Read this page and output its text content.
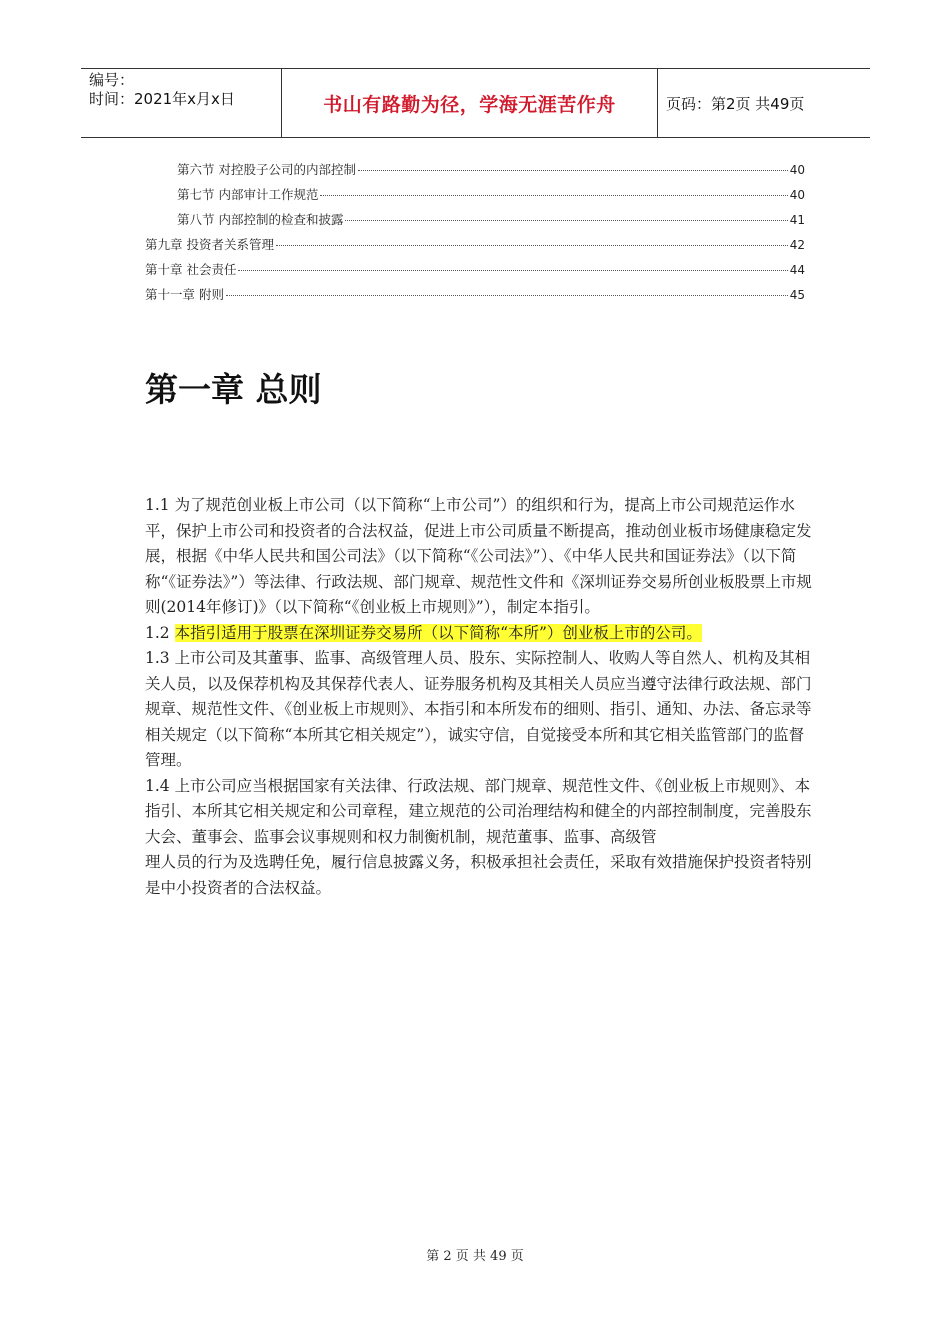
编号：
时间：2021年x月x日	书山有路勤为径，学海无涯苦作舟	页码：第2页 共49页
第六节 对控股子公司的内部控制	40
第七节 内部审计工作规范	40
第八节 内部控制的检查和披露	41
第九章 投资者关系管理	42
第十章 社会责任	44
第十一章 附则	45
第一章 总则

1.1 为了规范创业板上市公司（以下简称“上市公司”）的组织和行为，提高上市公司规范运作水平，保护上市公司和投资者的合法权益，促进上市公司质量不断提高，推动创业板市场健康稳定发展，根据《中华人民共和国公司法》（以下简称“《公司法》”）、《中华人民共和国证券法》（以下简称“《证券法》”）等法律、行政法规、部门规章、规范性文件和《深圳证券交易所创业板股票上市规则(2014年修订)》（以下简称“《创业板上市规则》”），制定本指引。

1.2 本指引适用于股票在深圳证券交易所（以下简称“本所”）创业板上市的公司。

1.3 上市公司及其董事、监事、高级管理人员、股东、实际控制人、收购人等自然人、机构及其相关人员，以及保荐机构及其保荐代表人、证券服务机构及其相关人员应当遵守法律行政法规、部门规章、规范性文件、《创业板上市规则》、本指引和本所发布的细则、指引、通知、办法、备忘录等相关规定（以下简称“本所其它相关规定”），诚实守信，自觉接受本所和其它相关监管部门的监督管理。

1.4 上市公司应当根据国家有关法律、行政法规、部门规章、规范性文件、《创业板上市规则》、本指引、本所其它相关规定和公司章程，建立规范的公司治理结构和健全的内部控制制度，完善股东大会、董事会、监事会议事规则和权力制衡机制，规范董事、监事、高级管

理人员的行为及选聘任免，履行信息披露义务，积极承担社会责任，采取有效措施保护投资者特别是中小投资者的合法权益。

第 2 页 共 49 页
